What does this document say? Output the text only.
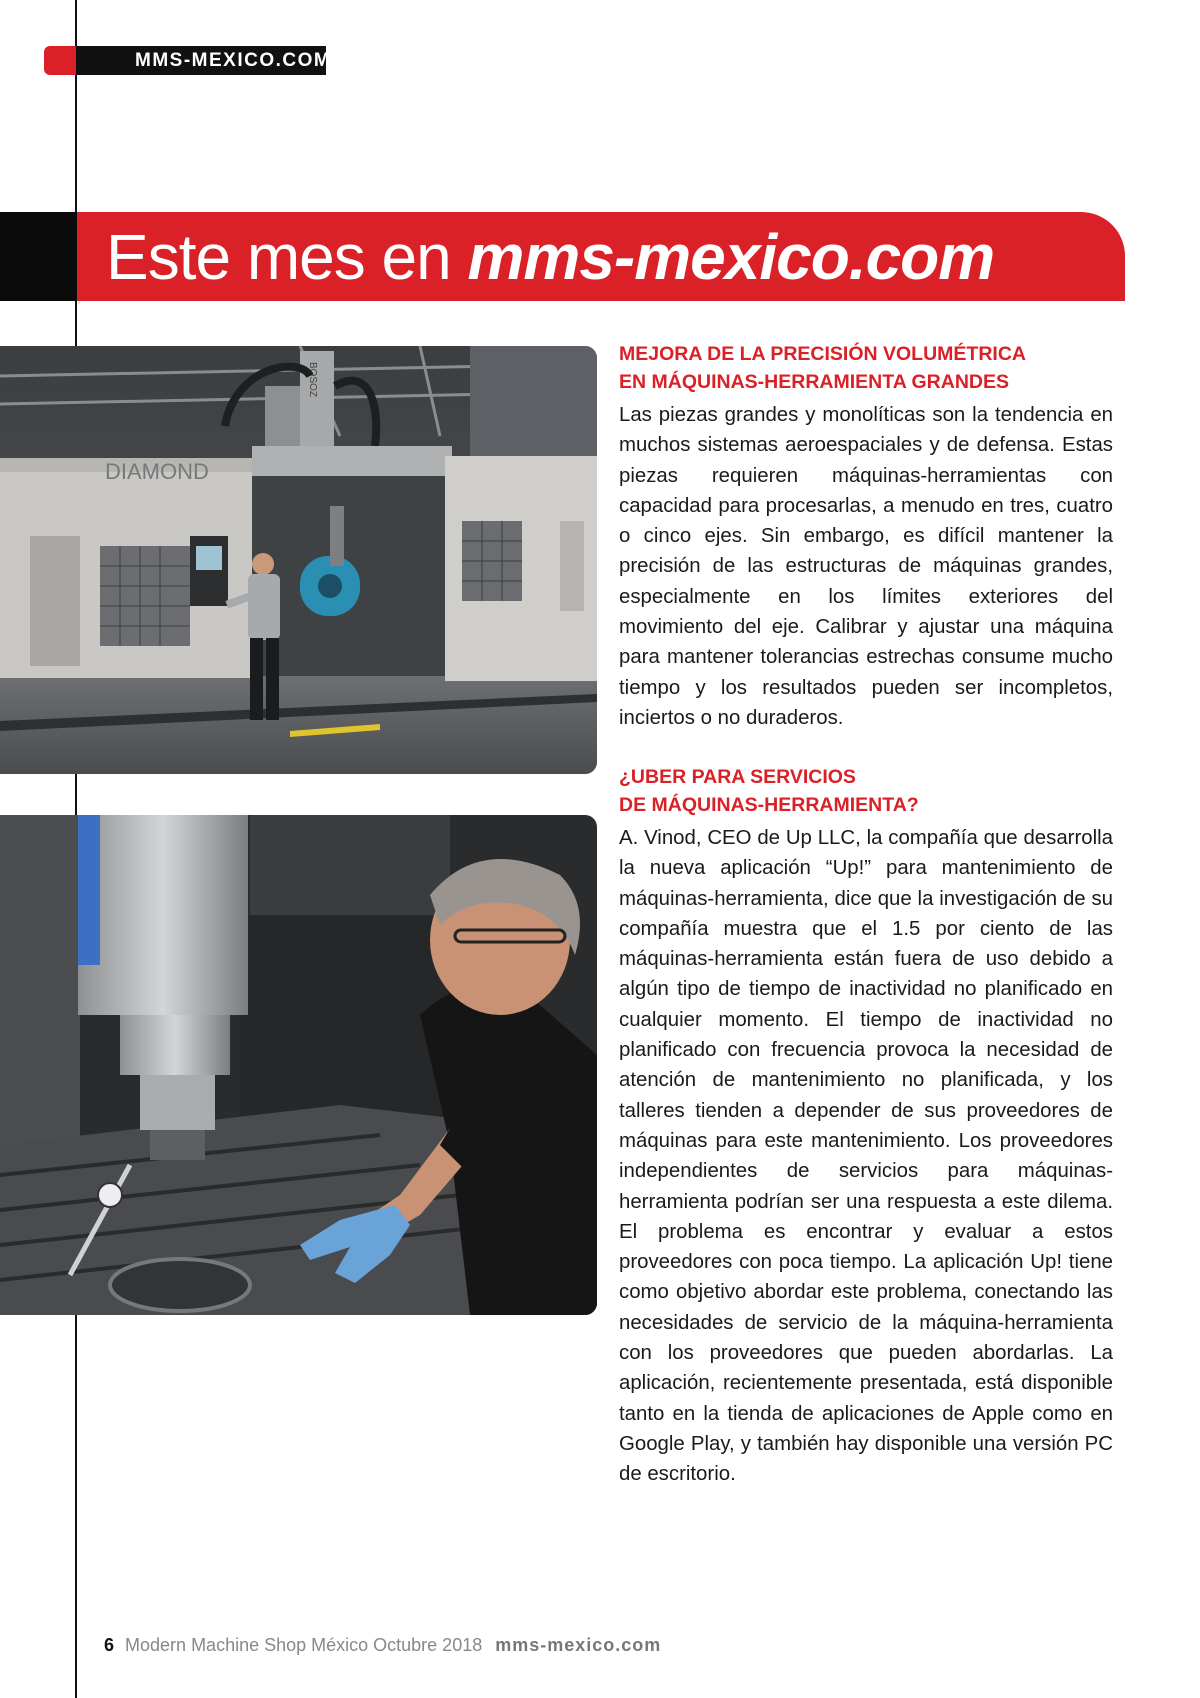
MMS-MEXICO.COM
Este mes en mms-mexico.com
DIAMOND
BOSOZ
MEJORA DE LA PRECISIÓN VOLUMÉTRICA
EN MÁQUINAS-HERRAMIENTA GRANDES

Las piezas grandes y monolíticas son la tendencia en muchos sistemas aeroespaciales y de defensa. Estas piezas requieren máquinas-herramientas con capacidad para procesarlas, a menudo en tres, cuatro o cinco ejes. Sin embargo, es difícil mantener la precisión de las estructuras de máquinas grandes, especialmente en los límites exteriores del movimiento del eje. Calibrar y ajustar una máquina para mantener tolerancias estrechas consume mucho tiempo y los resultados pueden ser incompletos, inciertos o no duraderos.

¿UBER PARA SERVICIOS
DE MÁQUINAS-HERRAMIENTA?

A. Vinod, CEO de Up LLC, la compañía que desarrolla la nueva aplicación “Up!” para mantenimiento de máquinas-herramienta, dice que la investigación de su compañía muestra que el 1.5 por ciento de las máquinas-herramienta están fuera de uso debido a algún tipo de tiempo de inactividad no planificado en cualquier momento. El tiempo de inactividad no planificado con frecuencia provoca la necesidad de atención de mantenimiento no planificada, y los talleres tienden a depender de sus proveedores de máquinas para este mantenimiento. Los proveedores independientes de servicios para máquinas-herramienta podrían ser una respuesta a este dilema. El problema es encontrar y evaluar a estos proveedores con poca tiempo. La aplicación Up! tiene como objetivo abordar este problema, conectando las necesidades de servicio de la máquina-herramienta con los proveedores que pueden abordarlas. La aplicación, recientemente presentada, está disponible tanto en la tienda de aplicaciones de Apple como en Google Play, y también hay disponible una versión PC de escritorio.

6 Modern Machine Shop México Octubre 2018 mms-mexico.com
